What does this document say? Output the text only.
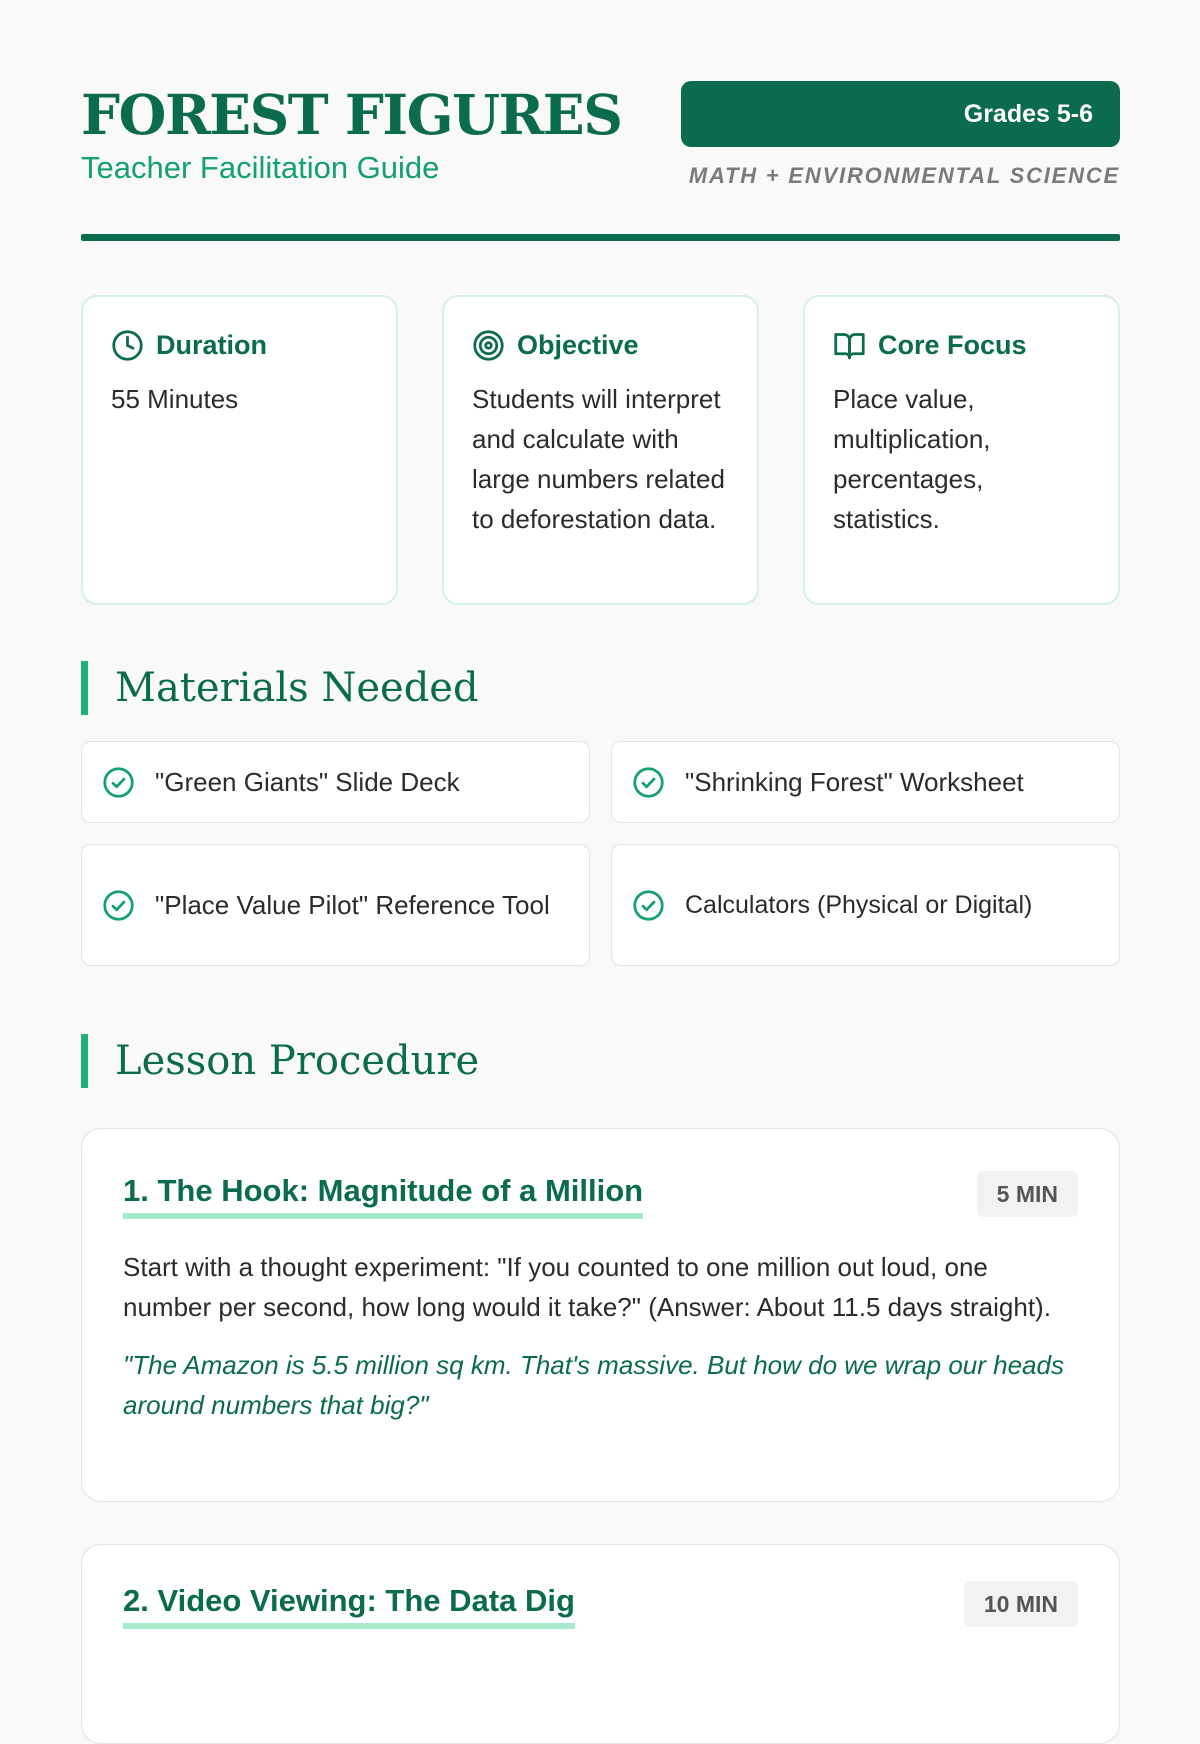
FOREST FIGURES
Teacher Facilitation Guide
Grades 5-6
MATH + ENVIRONMENTAL SCIENCE
Duration
55 Minutes
Objective
Students will interpret and calculate with large numbers related to deforestation data.
Core Focus
Place value, multiplication, percentages, statistics.
Materials Needed
"Green Giants" Slide Deck	"Shrinking Forest" Worksheet
"Place Value Pilot" Reference Tool	Calculators (Physical or Digital)
Lesson Procedure
1. The Hook: Magnitude of a Million	5 MIN
Start with a thought experiment: "If you counted to one million out loud, one number per second, how long would it take?" (Answer: About 11.5 days straight).
"The Amazon is 5.5 million sq km. That's massive. But how do we wrap our heads around numbers that big?"
2. Video Viewing: The Data Dig	10 MIN
